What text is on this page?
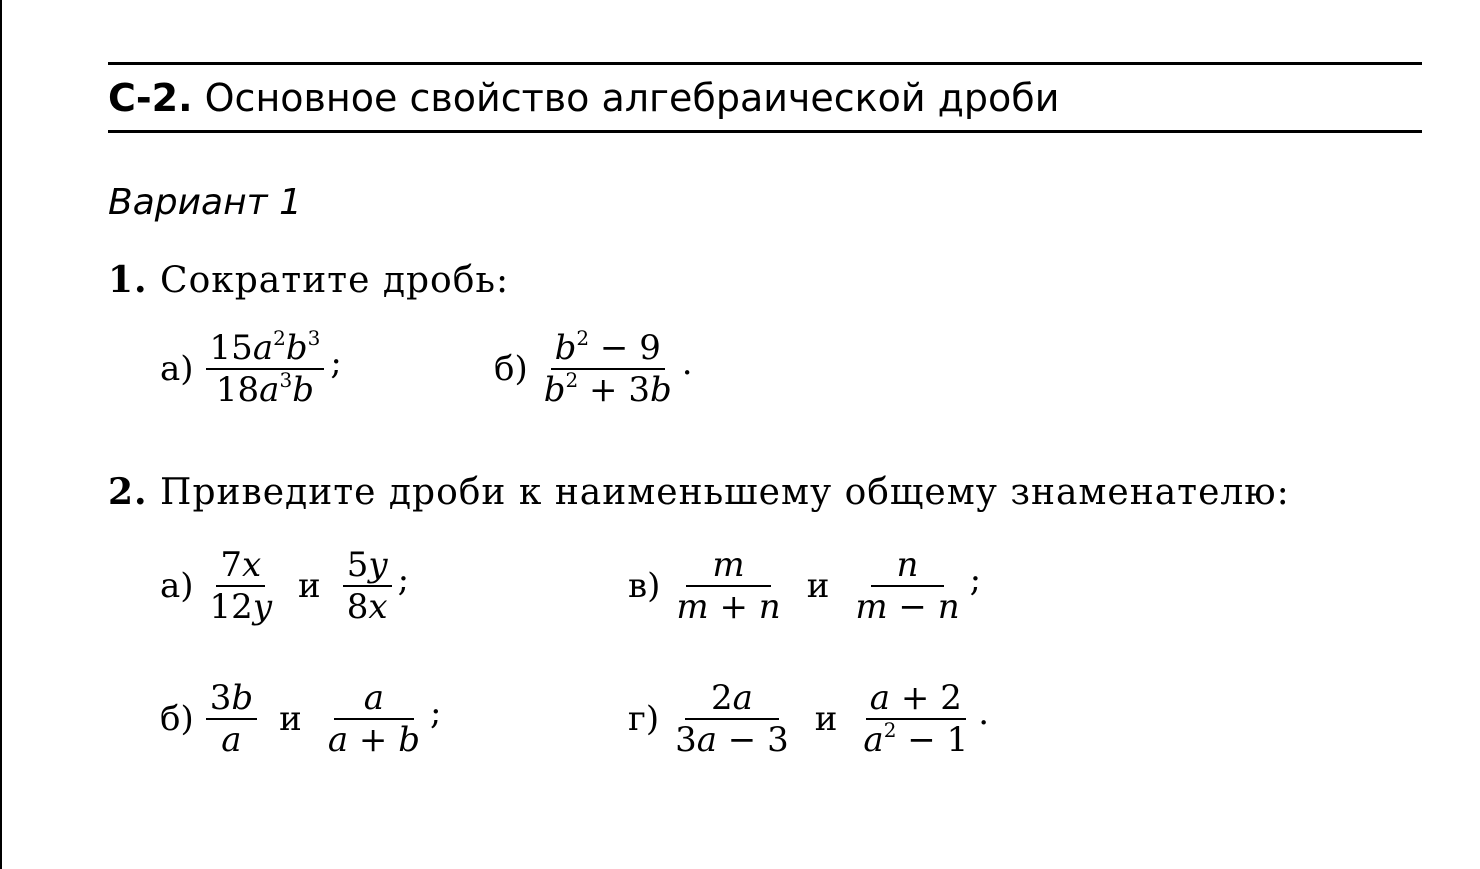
С-2. Основное свойство алгебраической дроби
Вариант 1
1. Сократите дробь:
$а) \frac{15a^2b^3}{18a^3b}$ ;	$б) \frac{b^2 - 9}{b^2 + 3b}$ .
2. Приведите дроби к наименьшему общему знаменателю:
$а) \frac{7x}{12y}$ и $\frac{5y}{8x}$ ;	$в) \frac{m}{m + n}$ и $\frac{n}{m - n}$ ;
$б) \frac{3b}{a}$ и $\frac{a}{a + b}$ ;	$г) \frac{2a}{3a - 3}$ и $\frac{a + 2}{a^2 - 1}$ .
